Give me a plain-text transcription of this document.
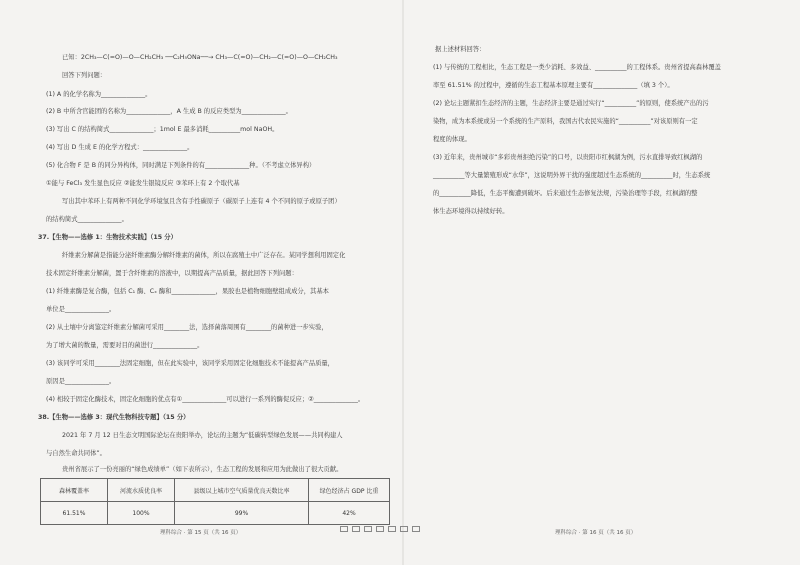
已知：2CH₃—C(=O)—O—CH₂CH₃ ──C₂H₅ONa──→ CH₃—C(=O)—CH₂—C(=O)—O—CH₂CH₃
回答下列问题：
(1) A 的化学名称为______________。
(2) B 中所含官能团的名称为______________，A 生成 B 的反应类型为______________。
(3) 写出 C 的结构简式______________；1mol E 最多消耗__________mol NaOH。
(4) 写出 D 生成 E 的化学方程式：______________。
(5) 化合物 F 是 B 的同分异构体，同时满足下列条件的有______________种。（不考虑立体异构）
①能与 FeCl₃ 发生显色反应 ②能发生银镜反应 ③苯环上有 2 个取代基
写出其中苯环上有两种不同化学环境氢且含有手性碳原子（碳原子上连有 4 个不同的原子或原子团）
的结构简式______________。
37.【生物——选修 1：生物技术实践】（15 分）
纤维素分解菌是指能分泌纤维素酶分解纤维素的菌体，所以在腐殖土中广泛存在。某同学想利用固定化
技术固定纤维素分解菌，置于含纤维素的溶液中，以期提高产品质量，据此回答下列问题：
(1) 纤维素酶是复合酶，包括 C₁ 酶、Cₓ 酶和______________，果胶也是植物细胞壁组成成分，其基本
单位是______________。
(2) 从土壤中分离鉴定纤维素分解菌可采用________法，选择菌落周围有________的菌种进一步实验，
为了增大菌的数量，需要对目的菌进行______________。
(3) 该同学可采用________法固定细胞，但在此实验中，该同学采用固定化细胞技术不能提高产品质量，
原因是______________。
(4) 相较于固定化酶技术，固定化细胞的优点有①______________可以进行一系列的酶促反应；②______________。
38.【生物——选修 3：现代生物科技专题】（15 分）
2021 年 7 月 12 日生态文明国际论坛在贵阳举办，论坛的主题为“低碳转型绿色发展——共同构建人
与自然生命共同体”。
贵州省展示了一份亮丽的“绿色成绩单”（如下表所示），生态工程的发展和应用为此做出了很大贡献。
森林覆盖率	河流水质优良率	县级以上城市空气质量优良天数比率	绿色经济占 GDP 比重
61.51%	100%	99%	42%
理科综合 · 第 15 页（共 16 页）
据上述材料回答：
(1) 与传统的工程相比，生态工程是一类少消耗、多效益、__________的工程体系。贵州省提高森林覆盖
率至 61.51% 的过程中，遵循的生态工程基本原理主要有______________（填 3 个）。
(2) 论坛主题紧扣生态经济的主题，生态经济主要是通过实行“__________”的原则，使系统产出的污
染物，成为本系统或另一个系统的生产原料，我国古代农民实施的“__________”对该原则有一定
程度的体现。
(3) 近年来，贵州城市“多彩贵州拒绝污染”的口号，以贵阳市红枫湖为例，污水直排导致红枫湖的
__________等大量繁殖形成“水华”，这说明外界干扰的强度超过生态系统的__________时，生态系统
的__________降低，生态平衡遭到破坏。后来通过生态修复法规，污染治理等手段，红枫湖的整
体生态环境得以持续好转。
理科综合 · 第 16 页（共 16 页）
